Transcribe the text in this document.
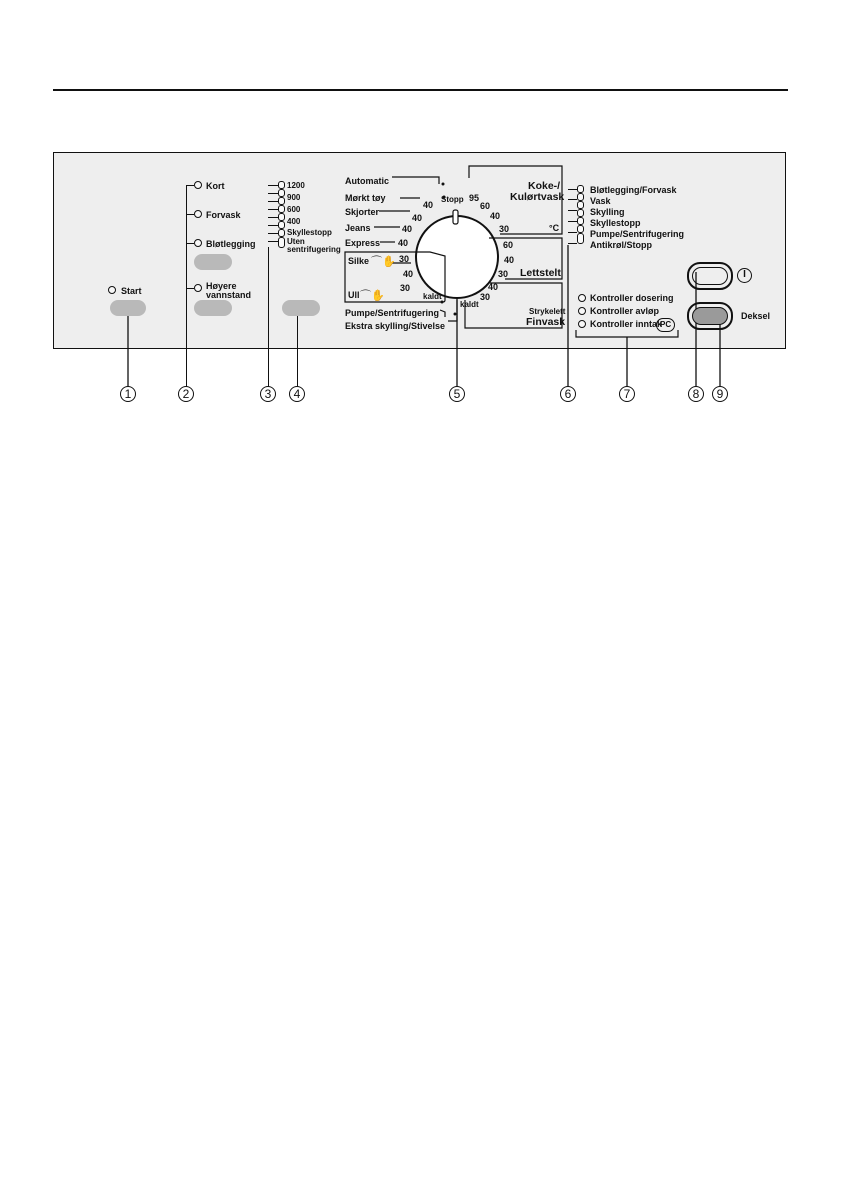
Start
Kort
Forvask
Bløtlegging
Høyere
vannstand
1200
900
600
400
Skyllestopp
Uten
sentrifugering
Automatic
Stopp
Mørkt tøy
40
Skjorter
40
Jeans	40
Express 40
Silke ⌒✋ 30
40
Ull ⌒✋
30
kaldt
Pumpe/Sentrifugering
Ekstra skylling/Stivelse
Koke-/
Kulørtvask
95
60
40
30	°C
60
40
30 Lettstelt
40
30
kaldt
Strykelett
Finvask
Bløtlegging/Forvask
Vask
Skylling
Skyllestopp
Pumpe/Sentrifugering
Antikrøl/Stopp
Kontroller dosering
Kontroller avløp
Kontroller inntak
PC
I
Deksel
1	2	3	4	5	6	7	8	9
